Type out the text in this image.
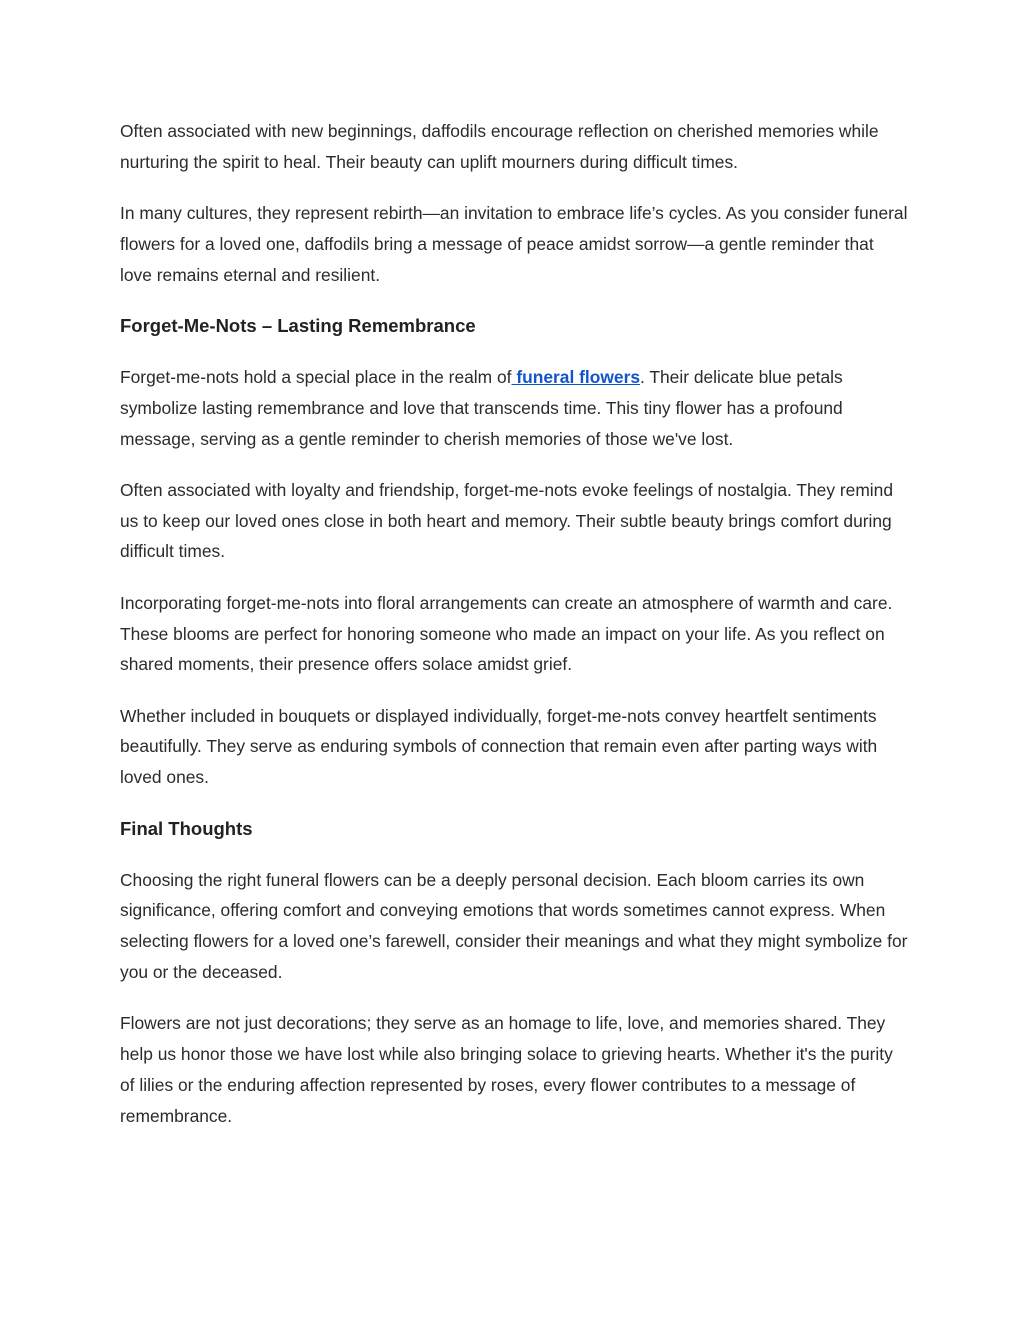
Often associated with new beginnings, daffodils encourage reflection on cherished memories while nurturing the spirit to heal. Their beauty can uplift mourners during difficult times.

In many cultures, they represent rebirth—an invitation to embrace life’s cycles. As you consider funeral flowers for a loved one, daffodils bring a message of peace amidst sorrow—a gentle reminder that love remains eternal and resilient.

Forget-Me-Nots – Lasting Remembrance

Forget-me-nots hold a special place in the realm of funeral flowers. Their delicate blue petals symbolize lasting remembrance and love that transcends time. This tiny flower has a profound message, serving as a gentle reminder to cherish memories of those we've lost.

Often associated with loyalty and friendship, forget-me-nots evoke feelings of nostalgia. They remind us to keep our loved ones close in both heart and memory. Their subtle beauty brings comfort during difficult times.

Incorporating forget-me-nots into floral arrangements can create an atmosphere of warmth and care. These blooms are perfect for honoring someone who made an impact on your life. As you reflect on shared moments, their presence offers solace amidst grief.

Whether included in bouquets or displayed individually, forget-me-nots convey heartfelt sentiments beautifully. They serve as enduring symbols of connection that remain even after parting ways with loved ones.

Final Thoughts

Choosing the right funeral flowers can be a deeply personal decision. Each bloom carries its own significance, offering comfort and conveying emotions that words sometimes cannot express. When selecting flowers for a loved one’s farewell, consider their meanings and what they might symbolize for you or the deceased.

Flowers are not just decorations; they serve as an homage to life, love, and memories shared. They help us honor those we have lost while also bringing solace to grieving hearts. Whether it's the purity of lilies or the enduring affection represented by roses, every flower contributes to a message of remembrance.
